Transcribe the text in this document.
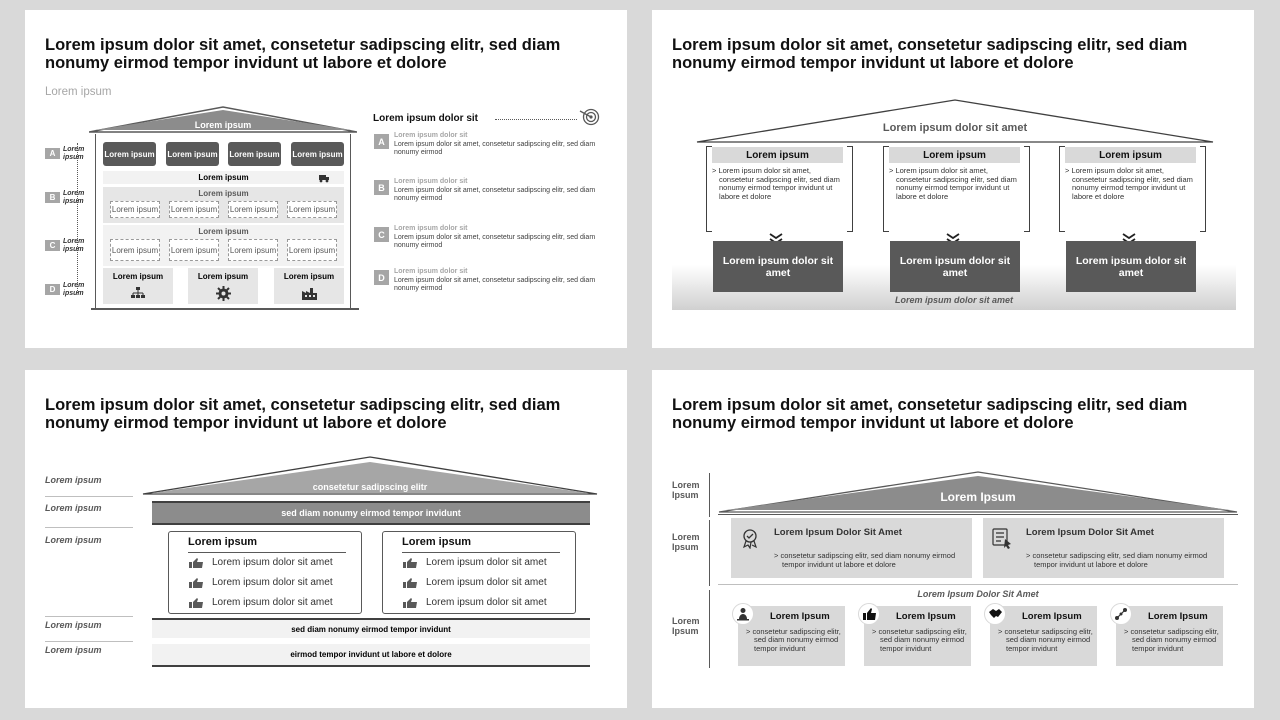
Lorem ipsum dolor sit amet, consetetur sadipscing elitr, sed diam nonumy eirmod tempor invidunt ut labore et dolore
Lorem ipsum
Lorem ipsum
A	Lorem ipsum
B	Lorem ipsum
C	Lorem ipsum
D	Lorem ipsum
Lorem ipsum Lorem ipsum Lorem ipsum Lorem ipsum
Lorem ipsum
Lorem ipsum
Lorem ipsum Lorem ipsum Lorem ipsum Lorem ipsum
Lorem ipsum
Lorem ipsum Lorem ipsum Lorem ipsum Lorem ipsum
Lorem ipsum	Lorem ipsum	Lorem ipsum
Lorem ipsum dolor sit
A
Lorem ipsum dolor sit
Lorem ipsum dolor sit amet, consetetur sadipscing elitr, sed diam nonumy eirmod
B
Lorem ipsum dolor sit
Lorem ipsum dolor sit amet, consetetur sadipscing elitr, sed diam nonumy eirmod
C
Lorem ipsum dolor sit
Lorem ipsum dolor sit amet, consetetur sadipscing elitr, sed diam nonumy eirmod
D
Lorem ipsum dolor sit
Lorem ipsum dolor sit amet, consetetur sadipscing elitr, sed diam nonumy eirmod
Lorem ipsum dolor sit amet, consetetur sadipscing elitr, sed diam nonumy eirmod tempor invidunt ut labore et dolore
Lorem ipsum dolor sit amet
Lorem ipsum dolor sit amet
Lorem ipsum
> Lorem ipsum dolor sit amet, consetetur sadipscing elitr, sed diam nonumy eirmod tempor invidunt ut labore et dolore
Lorem ipsum dolor sit amet
Lorem ipsum
> Lorem ipsum dolor sit amet, consetetur sadipscing elitr, sed diam nonumy eirmod tempor invidunt ut labore et dolore
Lorem ipsum dolor sit amet
Lorem ipsum
> Lorem ipsum dolor sit amet, consetetur sadipscing elitr, sed diam nonumy eirmod tempor invidunt ut labore et dolore
Lorem ipsum dolor sit amet
Lorem ipsum dolor sit amet, consetetur sadipscing elitr, sed diam nonumy eirmod tempor invidunt ut labore et dolore
Lorem ipsum
Lorem ipsum
Lorem ipsum
Lorem ipsum
Lorem ipsum
consetetur sadipscing elitr
sed diam nonumy eirmod tempor invidunt
Lorem ipsum
Lorem ipsum dolor sit amet
Lorem ipsum dolor sit amet
Lorem ipsum dolor sit amet
Lorem ipsum
Lorem ipsum dolor sit amet
Lorem ipsum dolor sit amet
Lorem ipsum dolor sit amet
sed diam nonumy eirmod tempor invidunt
eirmod tempor invidunt ut labore et dolore
Lorem ipsum dolor sit amet, consetetur sadipscing elitr, sed diam nonumy eirmod tempor invidunt ut labore et dolore
Lorem Ipsum
Lorem Ipsum
Lorem Ipsum
Lorem Ipsum
Lorem Ipsum Dolor Sit Amet
> consetetur sadipscing elitr, sed diam nonumy eirmod tempor invidunt ut labore et dolore
Lorem Ipsum Dolor Sit Amet
> consetetur sadipscing elitr, sed diam nonumy eirmod tempor invidunt ut labore et dolore
Lorem Ipsum Dolor Sit Amet
Lorem Ipsum
> consetetur sadipscing elitr, sed diam nonumy eirmod tempor invidunt
Lorem Ipsum
> consetetur sadipscing elitr, sed diam nonumy eirmod tempor invidunt
Lorem Ipsum
> consetetur sadipscing elitr, sed diam nonumy eirmod tempor invidunt
Lorem Ipsum
> consetetur sadipscing elitr, sed diam nonumy eirmod tempor invidunt
